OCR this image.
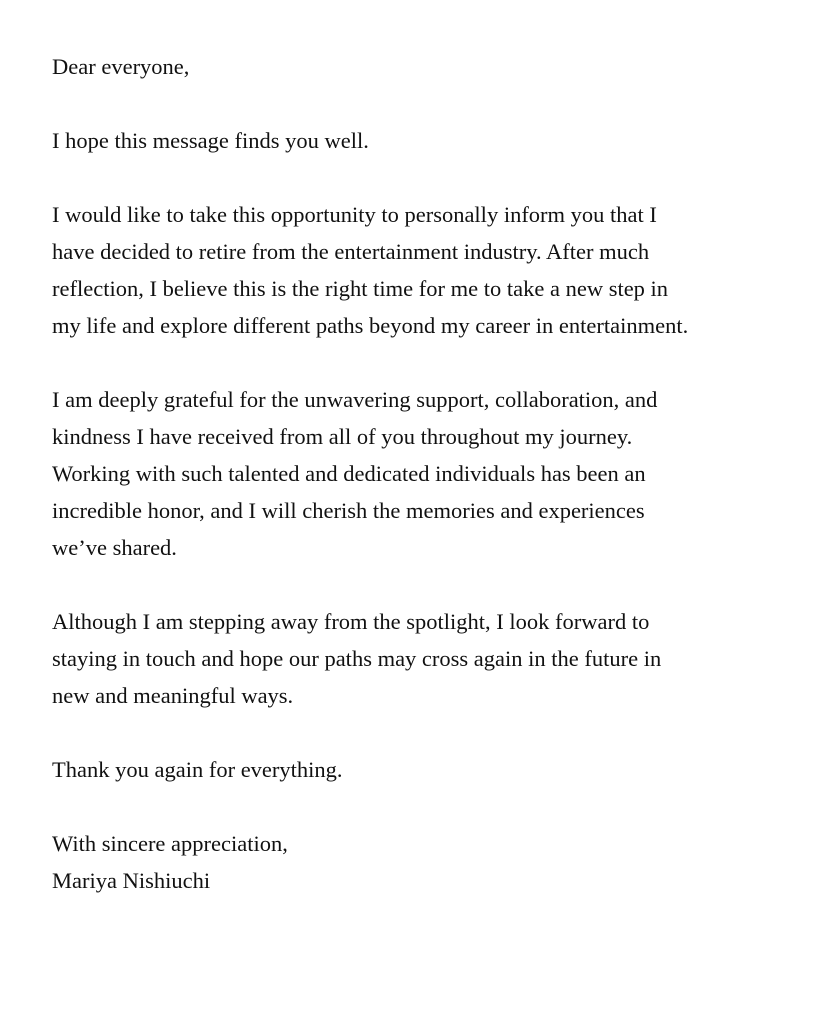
Dear everyone,
I hope this message finds you well.
I would like to take this opportunity to personally inform you that I
have decided to retire from the entertainment industry. After much
reflection, I believe this is the right time for me to take a new step in
my life and explore different paths beyond my career in entertainment.
I am deeply grateful for the unwavering support, collaboration, and
kindness I have received from all of you throughout my journey.
Working with such talented and dedicated individuals has been an
incredible honor, and I will cherish the memories and experiences
we’ve shared.
Although I am stepping away from the spotlight, I look forward to
staying in touch and hope our paths may cross again in the future in
new and meaningful ways.
Thank you again for everything.
With sincere appreciation,
Mariya Nishiuchi
